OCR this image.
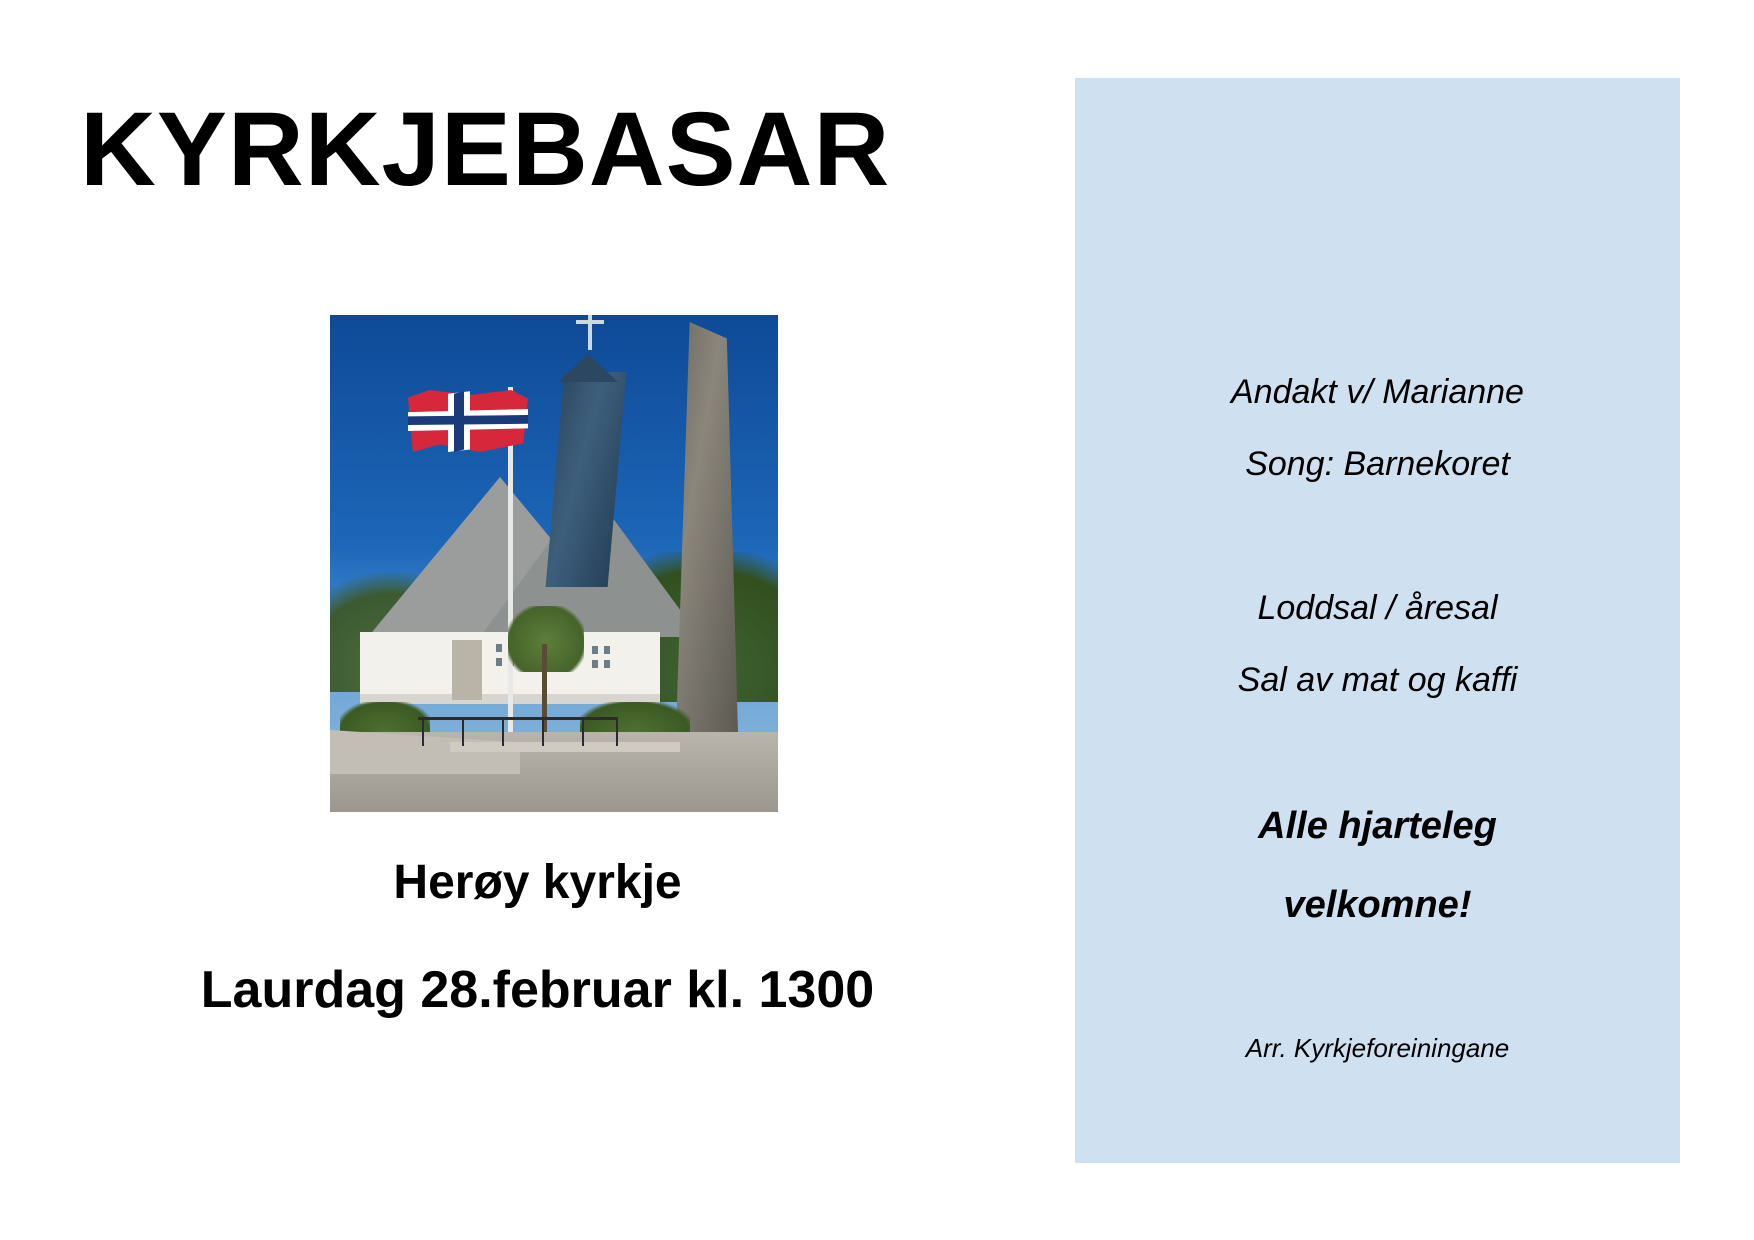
KYRKJEBASAR
Herøy kyrkje
Laurdag 28.februar kl. 1300
Andakt v/ Marianne
Song: Barnekoret
Loddsal / åresal
Sal av mat og kaffi
Alle hjarteleg
velkomne!
Arr. Kyrkjeforeiningane
